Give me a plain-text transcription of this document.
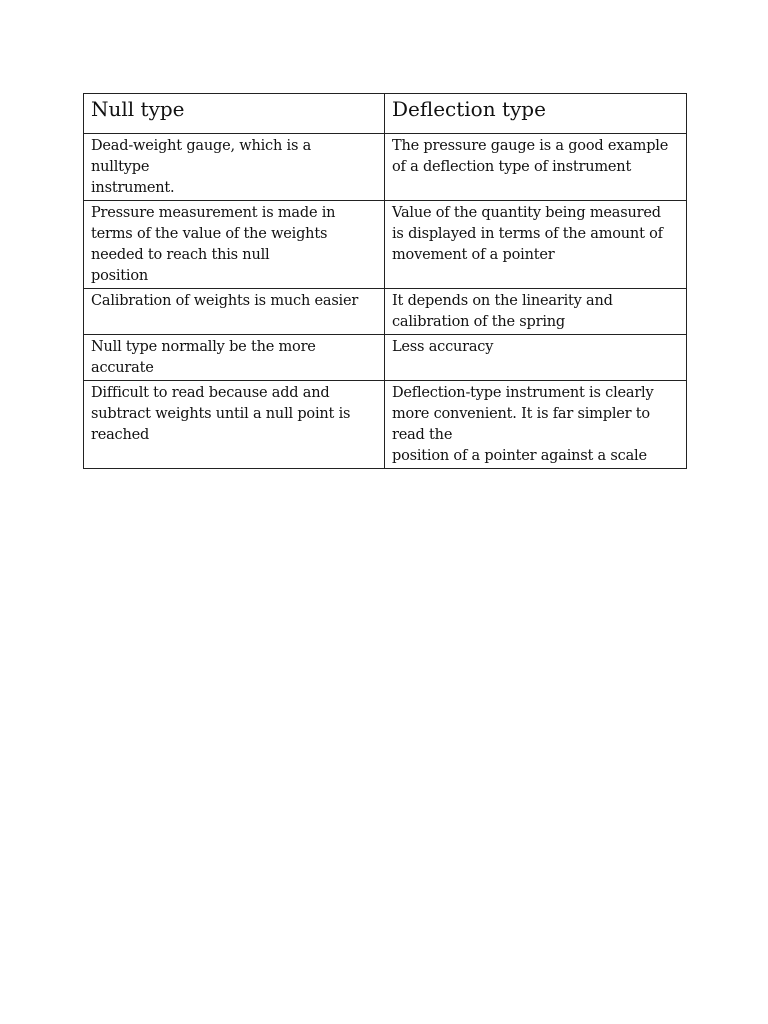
Null type	Deflection type

Dead-weight gauge, which is a
nulltype
instrument.	The pressure gauge is a good example
of a deflection type of instrument

Pressure measurement is made in
terms of the value of the weights
needed to reach this null
position	Value of the quantity being measured
is displayed in terms of the amount of
movement of a pointer

Calibration of weights is much easier	It depends on the linearity and
calibration of the spring

Null type normally be the more
accurate	Less accuracy

Difficult to read because add and
subtract weights until a null point is
reached	Deflection-type instrument is clearly
more convenient. It is far simpler to
read the
position of a pointer against a scale
